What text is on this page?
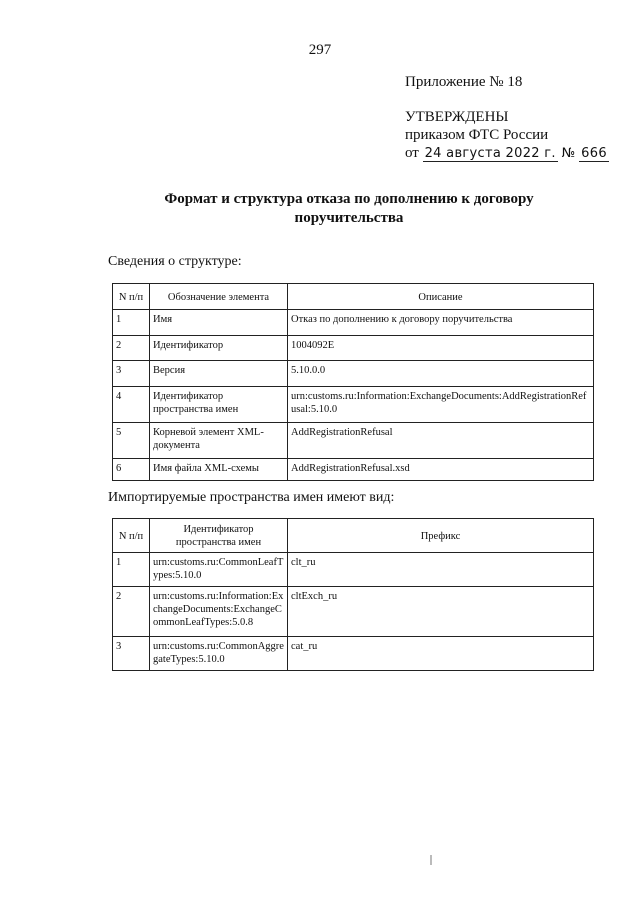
297
Приложение № 18
УТВЕРЖДЕНЫ
приказом ФТС России
от 24 августа 2022 г. № 666
Формат и структура отказа по дополнению к договору поручительства
Сведения о структуре:
N п/п	Обозначение элемента	Описание
1	Имя	Отказ по дополнению к договору поручительства
2	Идентификатор	1004092E
3	Версия	5.10.0.0
4	Идентификатор пространства имен	urn:customs.ru:Information:ExchangeDocuments:AddRegistrationRefusal:5.10.0
5	Корневой элемент XML-документа	AddRegistrationRefusal
6	Имя файла XML-схемы	AddRegistrationRefusal.xsd
Импортируемые пространства имен имеют вид:
N п/п	Идентификатор пространства имен	Префикс
1	urn:customs.ru:CommonLeafTypes:5.10.0	clt_ru
2	urn:customs.ru:Information:ExchangeDocuments:ExchangeCommonLeafTypes:5.0.8	cltExch_ru
3	urn:customs.ru:CommonAggregateTypes:5.10.0	cat_ru
